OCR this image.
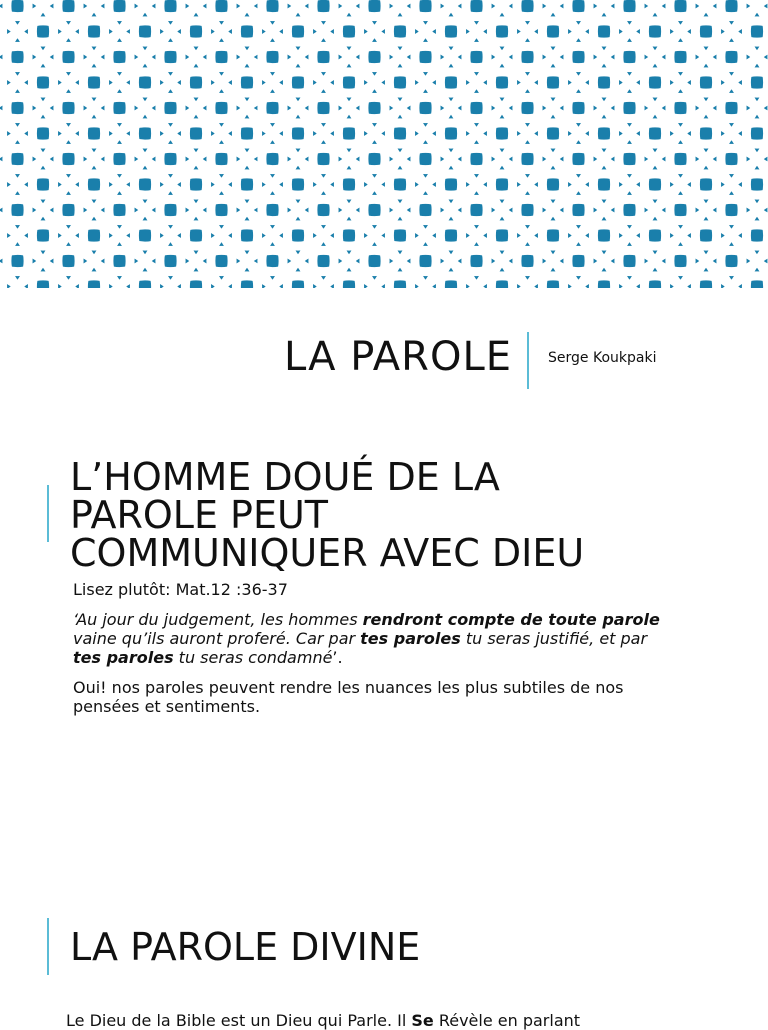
LA PAROLE	Serge Koukpaki
L’HOMME DOUÉ DE LA
PAROLE PEUT
COMMUNIQUER AVEC DIEU
Lisez plutôt: Mat.12 :36-37
‘Au jour du judgement, les hommes rendront compte de toute parole vaine qu’ils auront proferé. Car par tes paroles tu seras justifié, et par tes paroles tu seras condamné’.
Oui! nos paroles peuvent rendre les nuances les plus subtiles de nos pensées et sentiments.
LA PAROLE DIVINE
Le Dieu de la Bible est un Dieu qui Parle. Il Se Révèle en parlant
